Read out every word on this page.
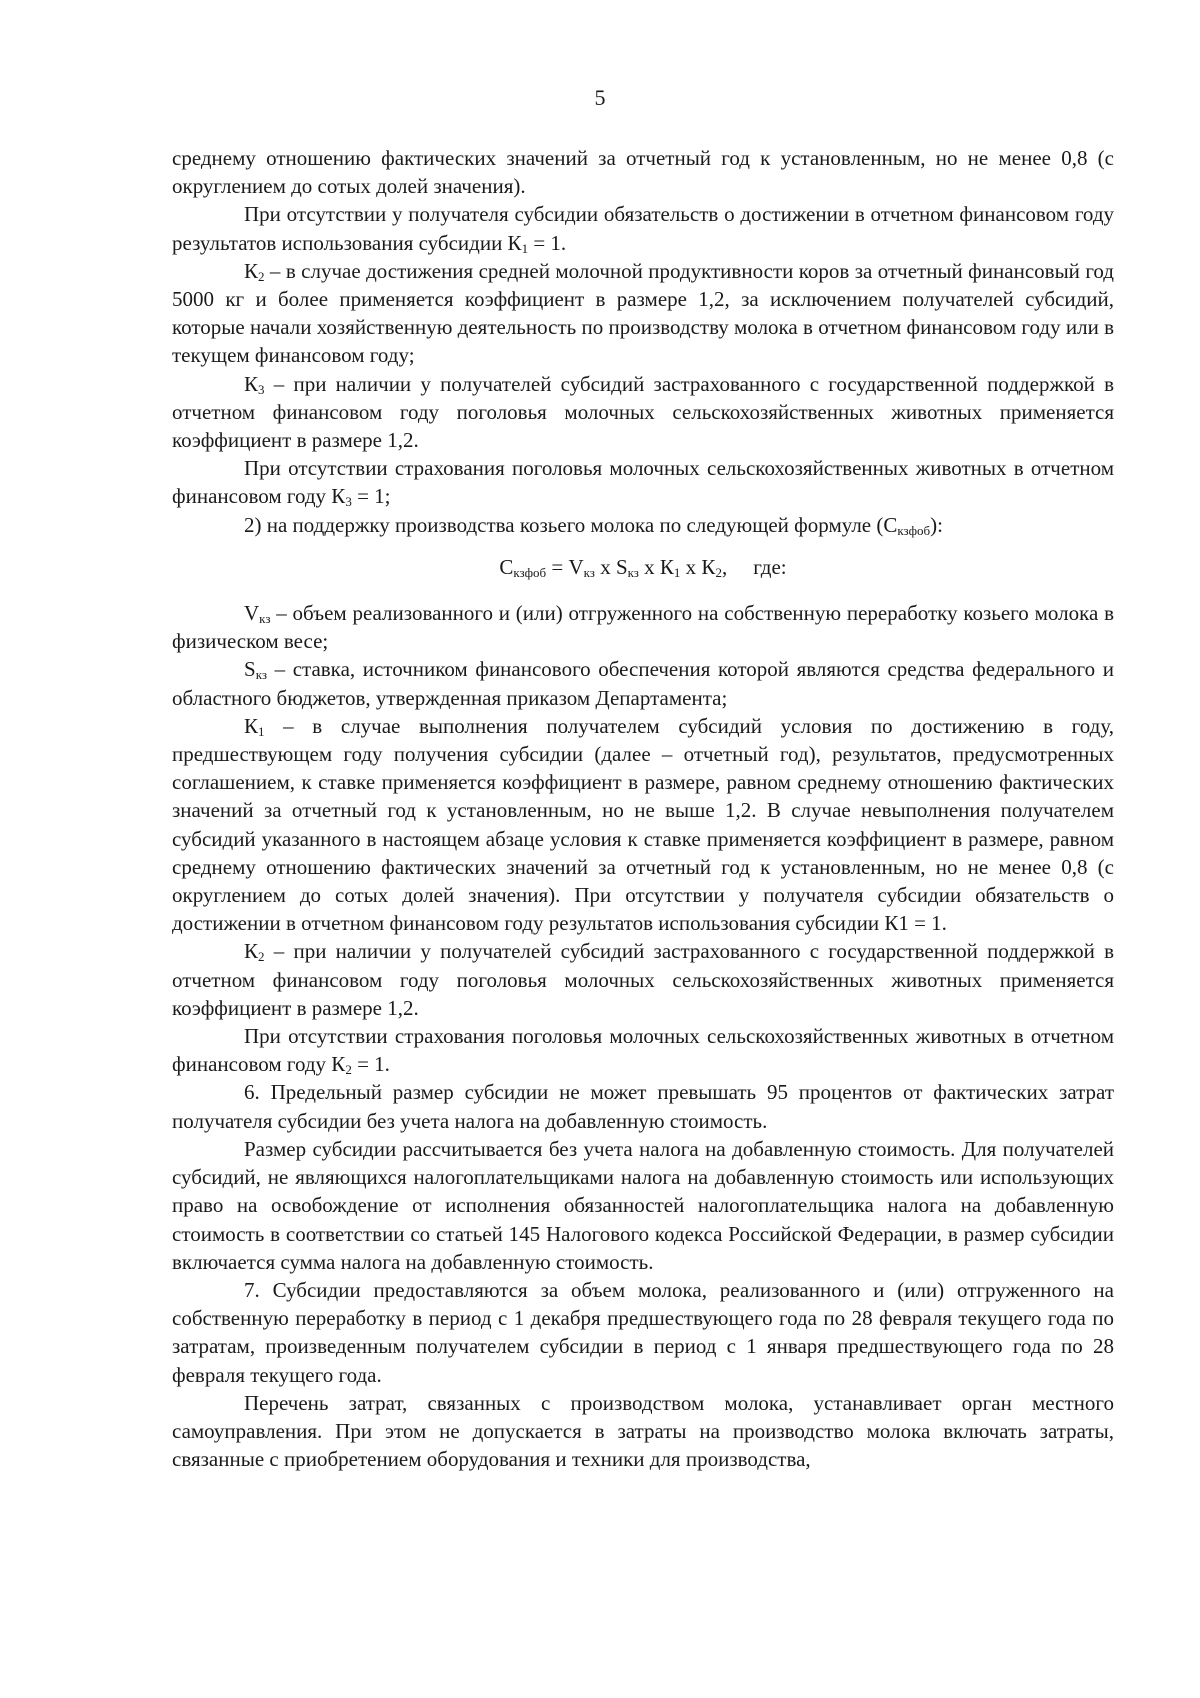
5

среднему отношению фактических значений за отчетный год к установленным, но не менее 0,8 (с округлением до сотых долей значения).

При отсутствии у получателя субсидии обязательств о достижении в отчетном финансовом году результатов использования субсидии $К_1 = 1$.

$К_2$ – в случае достижения средней молочной продуктивности коров за отчетный финансовый год 5000 кг и более применяется коэффициент в размере 1,2, за исключением получателей субсидий, которые начали хозяйственную деятельность по производству молока в отчетном финансовом году или в текущем финансовом году;

$К_3$ – при наличии у получателей субсидий застрахованного с государственной поддержкой в отчетном финансовом году поголовья молочных сельскохозяйственных животных применяется коэффициент в размере 1,2.

При отсутствии страхования поголовья молочных сельскохозяйственных животных в отчетном финансовом году $К_3 = 1$;

2) на поддержку производства козьего молока по следующей формуле $(С_{кзфоб})$:

$С_{кзфоб} = V_{кз}$ x $S_{кз}$ x $К_1$ x $К_2$, где:

$V_{кз}$ – объем реализованного и (или) отгруженного на собственную переработку козьего молока в физическом весе;

$S_{кз}$ – ставка, источником финансового обеспечения которой являются средства федерального и областного бюджетов, утвержденная приказом Департамента;

$К_1$ – в случае выполнения получателем субсидий условия по достижению в году, предшествующем году получения субсидии (далее – отчетный год), результатов, предусмотренных соглашением, к ставке применяется коэффициент в размере, равном среднему отношению фактических значений за отчетный год к установленным, но не выше 1,2. В случае невыполнения получателем субсидий указанного в настоящем абзаце условия к ставке применяется коэффициент в размере, равном среднему отношению фактических значений за отчетный год к установленным, но не менее 0,8 (с округлением до сотых долей значения). При отсутствии у получателя субсидии обязательств о достижении в отчетном финансовом году результатов использования субсидии К1 = 1.

$К_2$ – при наличии у получателей субсидий застрахованного с государственной поддержкой в отчетном финансовом году поголовья молочных сельскохозяйственных животных применяется коэффициент в размере 1,2.

При отсутствии страхования поголовья молочных сельскохозяйственных животных в отчетном финансовом году $К_2 = 1$.

6. Предельный размер субсидии не может превышать 95 процентов от фактических затрат получателя субсидии без учета налога на добавленную стоимость.

Размер субсидии рассчитывается без учета налога на добавленную стоимость. Для получателей субсидий, не являющихся налогоплательщиками налога на добавленную стоимость или использующих право на освобождение от исполнения обязанностей налогоплательщика налога на добавленную стоимость в соответствии со статьей 145 Налогового кодекса Российской Федерации, в размер субсидии включается сумма налога на добавленную стоимость.

7. Субсидии предоставляются за объем молока, реализованного и (или) отгруженного на собственную переработку в период с 1 декабря предшествующего года по 28 февраля текущего года по затратам, произведенным получателем субсидии в период с 1 января предшествующего года по 28 февраля текущего года.

Перечень затрат, связанных с производством молока, устанавливает орган местного самоуправления. При этом не допускается в затраты на производство молока включать затраты, связанные с приобретением оборудования и техники для производства,
